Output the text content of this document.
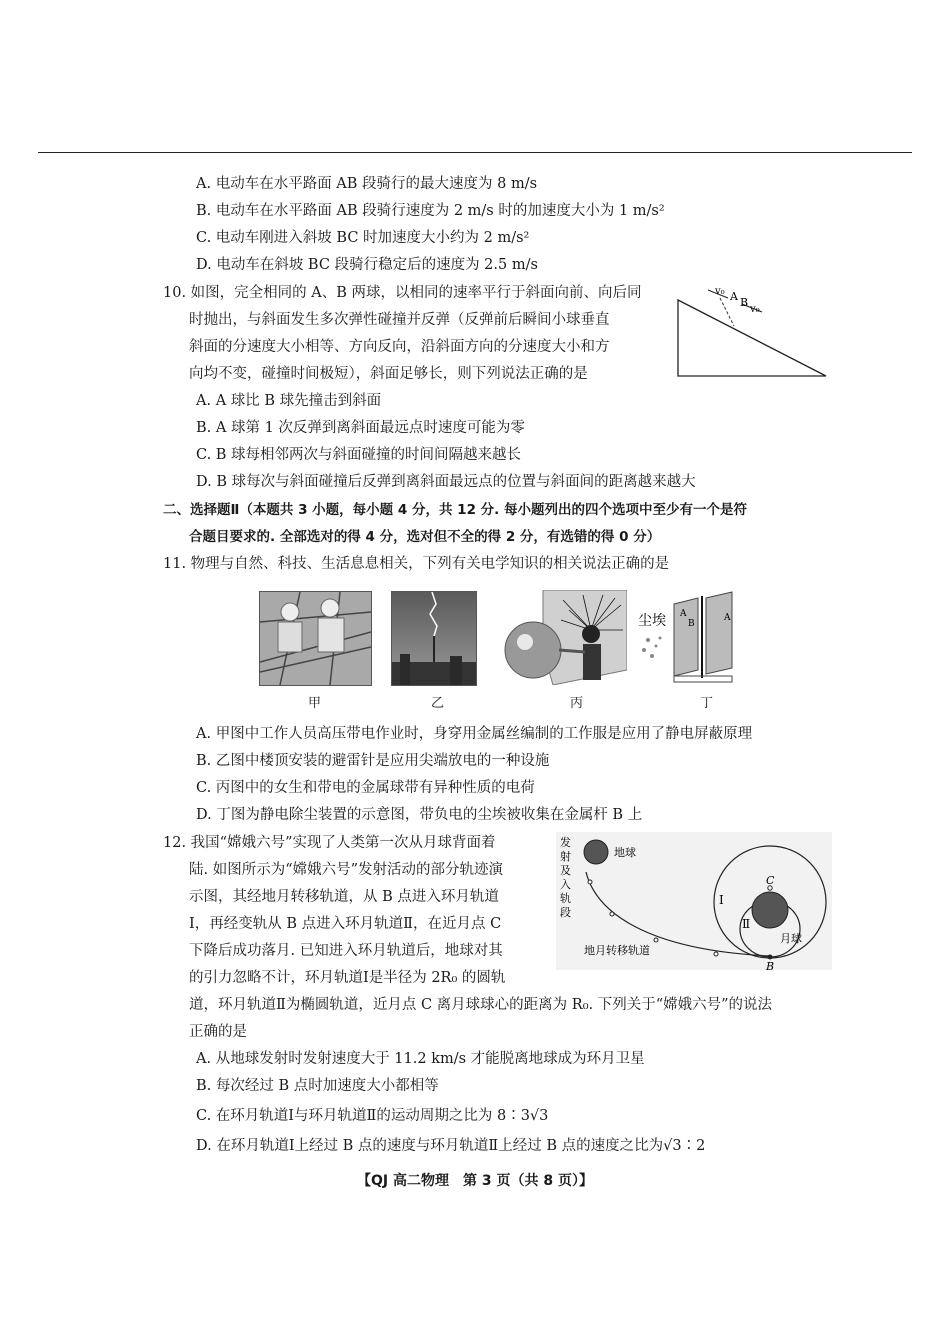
A. 电动车在水平路面 AB 段骑行的最大速度为 8 m/s
B. 电动车在水平路面 AB 段骑行速度为 2 m/s 时的加速度大小为 1 m/s²
C. 电动车刚进入斜坡 BC 时加速度大小约为 2 m/s²
D. 电动车在斜坡 BC 段骑行稳定后的速度为 2.5 m/s
10. 如图，完全相同的 A、B 两球，以相同的速率平行于斜面向前、向后同
时抛出，与斜面发生多次弹性碰撞并反弹（反弹前后瞬间小球垂直
斜面的分速度大小相等、方向反向，沿斜面方向的分速度大小和方
向均不变，碰撞时间极短），斜面足够长，则下列说法正确的是
v₀ A B
v₀
A. A 球比 B 球先撞击到斜面
B. A 球第 1 次反弹到离斜面最远点时速度可能为零
C. B 球每相邻两次与斜面碰撞的时间间隔越来越长
D. B 球每次与斜面碰撞后反弹到离斜面最远点的位置与斜面间的距离越来越大
二、选择题Ⅱ（本题共 3 小题，每小题 4 分，共 12 分. 每小题列出的四个选项中至少有一个是符
合题目要求的. 全部选对的得 4 分，选对但不全的得 2 分，有选错的得 0 分）
11. 物理与自然、科技、生活息息相关，下列有关电学知识的相关说法正确的是
甲	乙	丙
尘埃 A
B
A
丁
A. 甲图中工作人员高压带电作业时，身穿用金属丝编制的工作服是应用了静电屏蔽原理
B. 乙图中楼顶安装的避雷针是应用尖端放电的一种设施
C. 丙图中的女生和带电的金属球带有异种性质的电荷
D. 丁图为静电除尘装置的示意图，带负电的尘埃被收集在金属杆 B 上
12. 我国“嫦娥六号”实现了人类第一次从月球背面着
陆. 如图所示为“嫦娥六号”发射活动的部分轨迹演
示图，其经地月转移轨道，从 B 点进入环月轨道
Ⅰ，再经变轨从 B 点进入环月轨道Ⅱ，在近月点 C
下降后成功落月. 已知进入环月轨道后，地球对其
的引力忽略不计，环月轨道Ⅰ是半径为 2R₀ 的圆轨
道，环月轨道Ⅱ为椭圆轨道，近月点 C 离月球球心的距离为 R₀. 下列关于“嫦娥六号”的说法
正确的是
发射及 入轨段
地球
地月转移轨道
月球
C
B
Ⅰ
Ⅱ
A. 从地球发射时发射速度大于 11.2 km/s 才能脱离地球成为环月卫星
B. 每次经过 B 点时加速度大小都相等
C. 在环月轨道Ⅰ与环月轨道Ⅱ的运动周期之比为 8∶3√3
D. 在环月轨道Ⅰ上经过 B 点的速度与环月轨道Ⅱ上经过 B 点的速度之比为√3∶2
【QJ 高二物理　第 3 页（共 8 页）】
